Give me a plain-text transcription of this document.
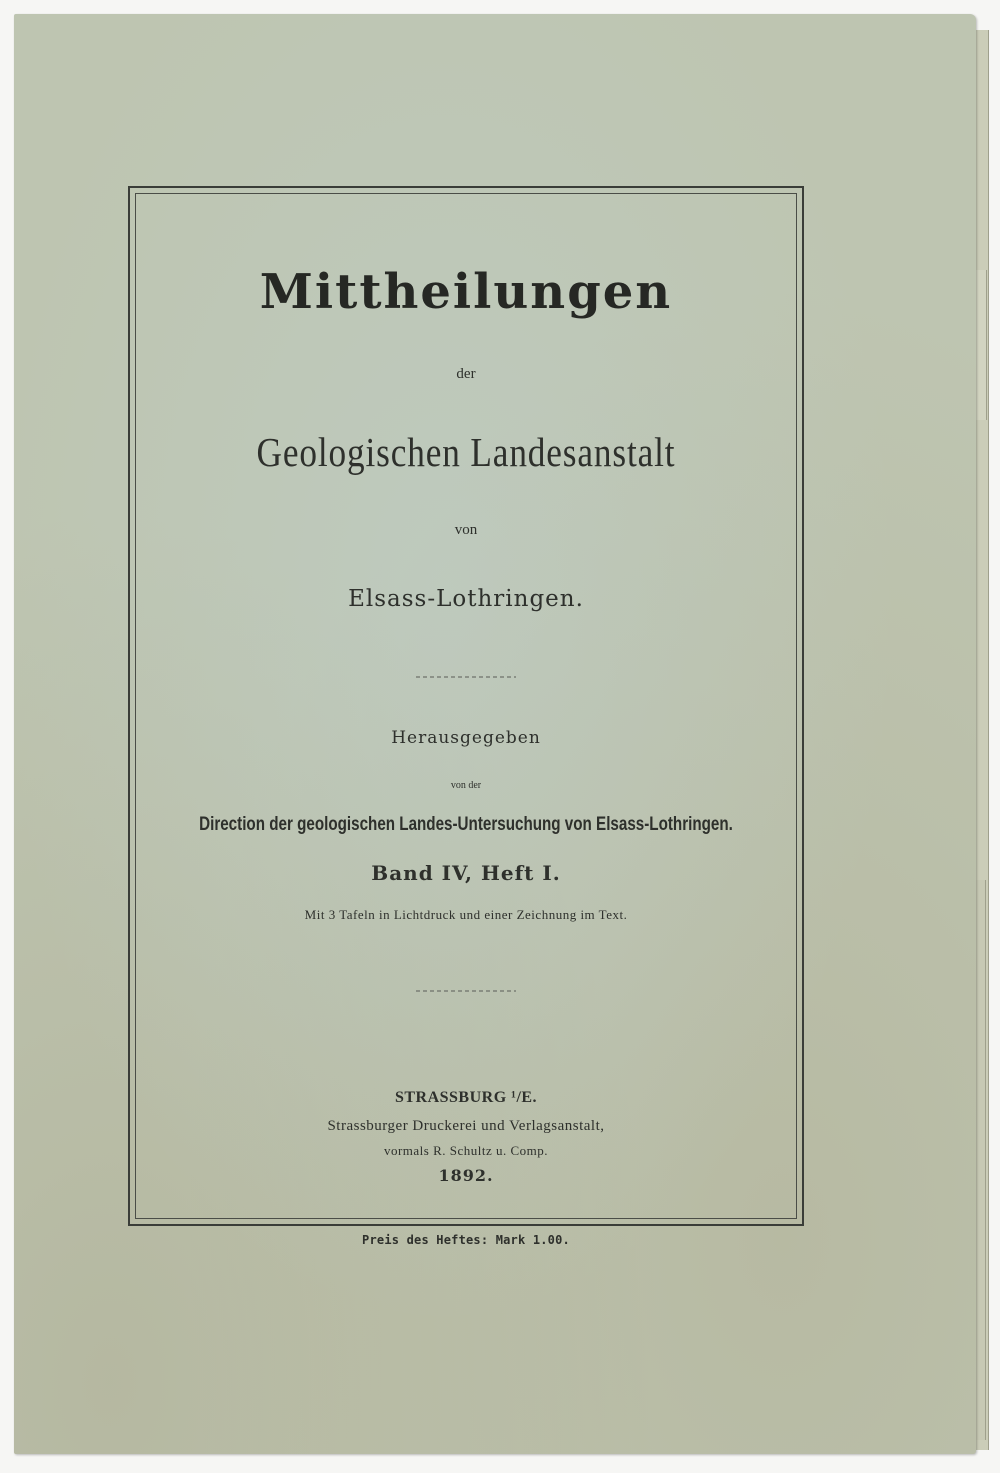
Mittheilungen
der
Geologischen Landesanstalt
von
Elsass-Lothringen.
Herausgegeben
von der
Direction der geologischen Landes-Untersuchung von Elsass-Lothringen.
Band IV, Heft I.
Mit 3 Tafeln in Lichtdruck und einer Zeichnung im Text.
STRASSBURG ¹/E.
Strassburger Druckerei und Verlagsanstalt,
vormals R. Schultz u. Comp.
1892.
Preis des Heftes: Mark 1.00.
